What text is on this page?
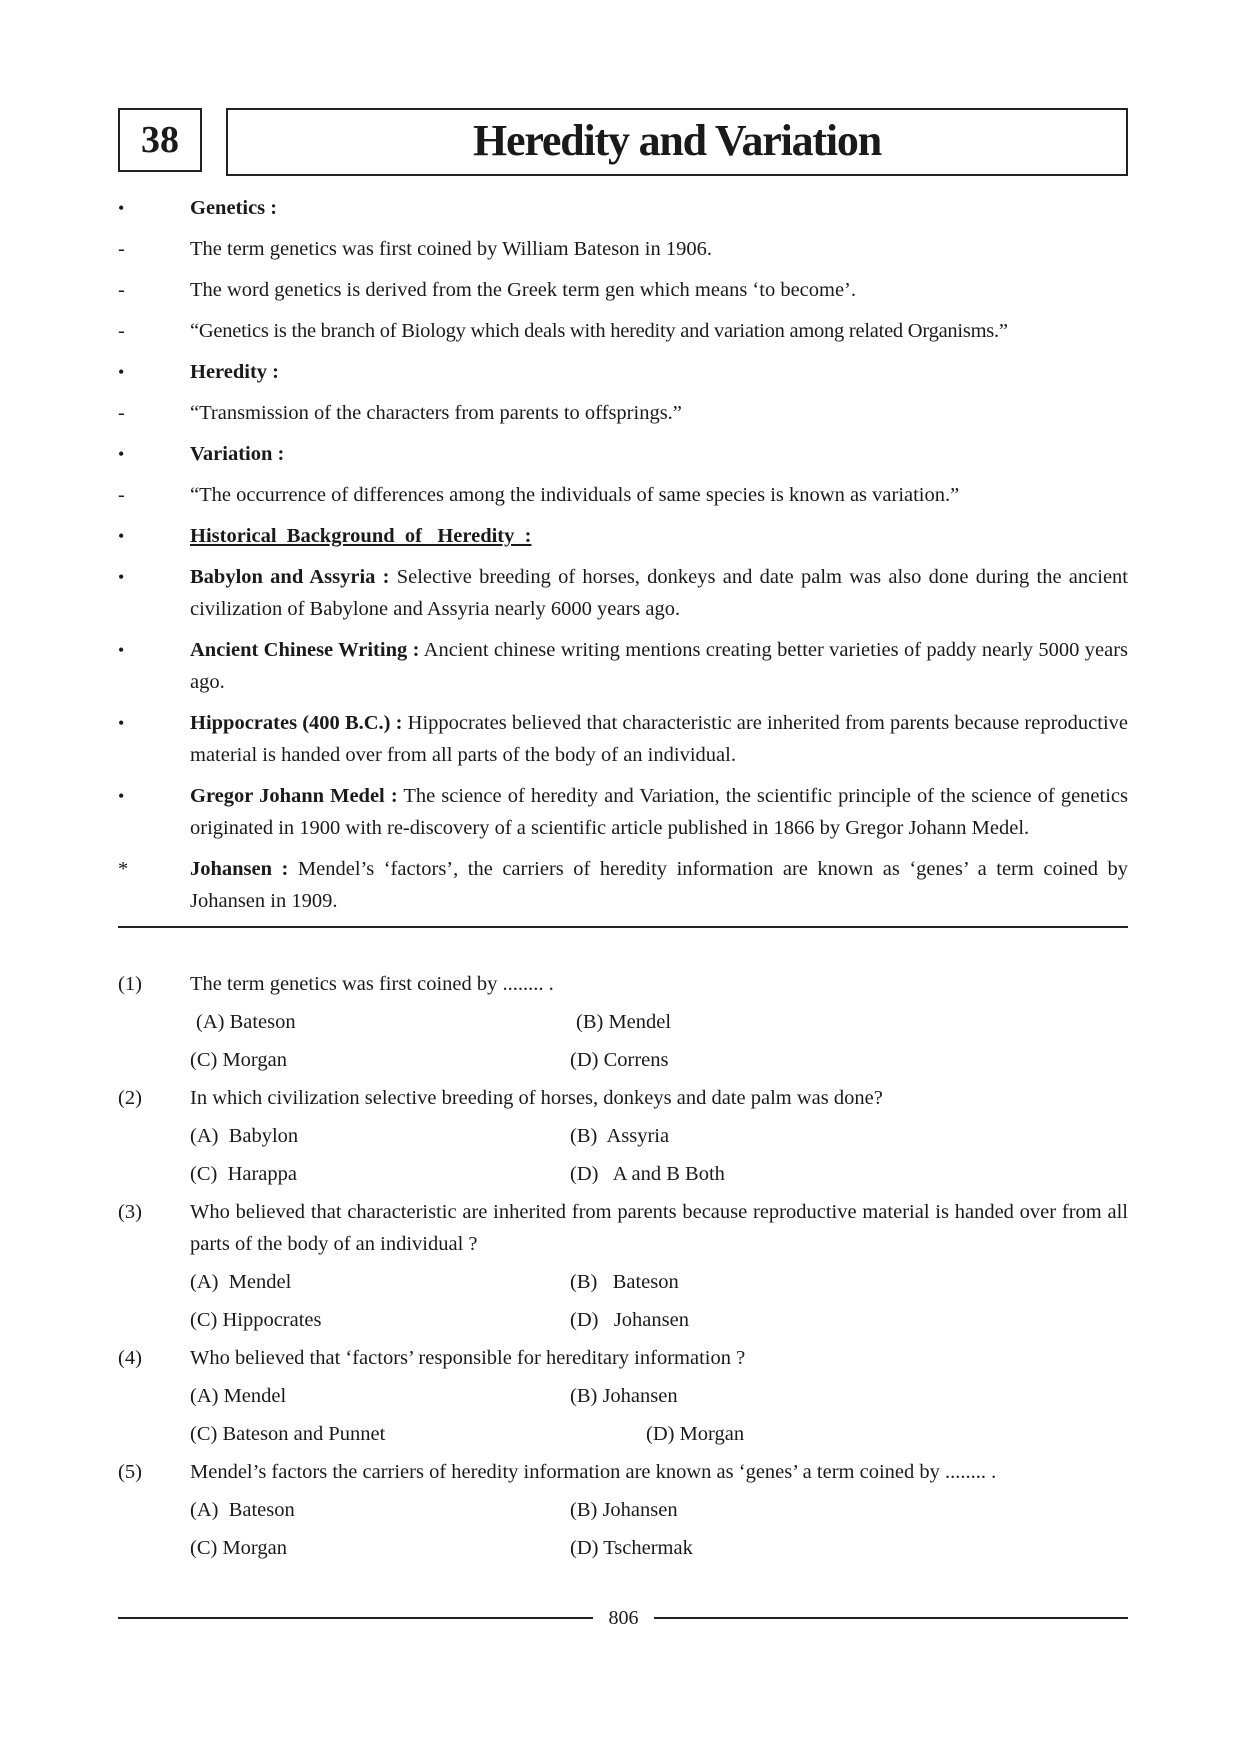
38	Heredity and Variation
•	Genetics :
-	The term genetics was first coined by William Bateson in 1906.
-	The word genetics is derived from the Greek term gen which means ‘to become’.
-	“Genetics is the branch of Biology which deals with heredity and variation among related Organisms.”
•	Heredity :
-	“Transmission of the characters from parents to offsprings.”
•	Variation :
-	“The occurrence of differences among the individuals of same species is known as variation.”
•	Historical  Background  of   Heredity  :
•	Babylon and Assyria : Selective breeding of horses, donkeys and date palm was also done during the ancient civilization of Babylone and Assyria nearly 6000 years ago.
•	Ancient Chinese Writing : Ancient chinese writing mentions creating better varieties of paddy nearly 5000 years ago.
•	Hippocrates (400 B.C.) : Hippocrates believed that characteristic are inherited from parents because reproductive material is handed over from all parts of the body of an individual.
•	Gregor Johann Medel : The science of heredity and Variation, the scientific principle of the science of genetics originated in 1900 with re-discovery of a scientific article published in 1866 by Gregor Johann Medel.
*	Johansen : Mendel’s ‘factors’, the carriers of heredity information are known as ‘genes’ a term coined by Johansen in 1909.
(1)	The term genetics was first coined by ........ .
(A) Bateson	(B) Mendel
(C) Morgan	(D) Correns
(2)	In which civilization selective breeding of horses, donkeys and date palm was done?
(A)  Babylon	(B)  Assyria
(C)  Harappa	(D)   A and B Both
(3)	Who believed that characteristic are inherited from parents because reproductive material is handed over from all parts of the body of an individual ?
(A)  Mendel	(B)   Bateson
(C) Hippocrates	(D)   Johansen
(4)	Who believed that ‘factors’ responsible for hereditary information ?
(A) Mendel	(B) Johansen
(C) Bateson and Punnet	(D) Morgan
(5)	Mendel’s factors the carriers of heredity information are known as ‘genes’ a term coined by ........ .
(A)  Bateson	(B) Johansen
(C) Morgan	(D) Tschermak
806
